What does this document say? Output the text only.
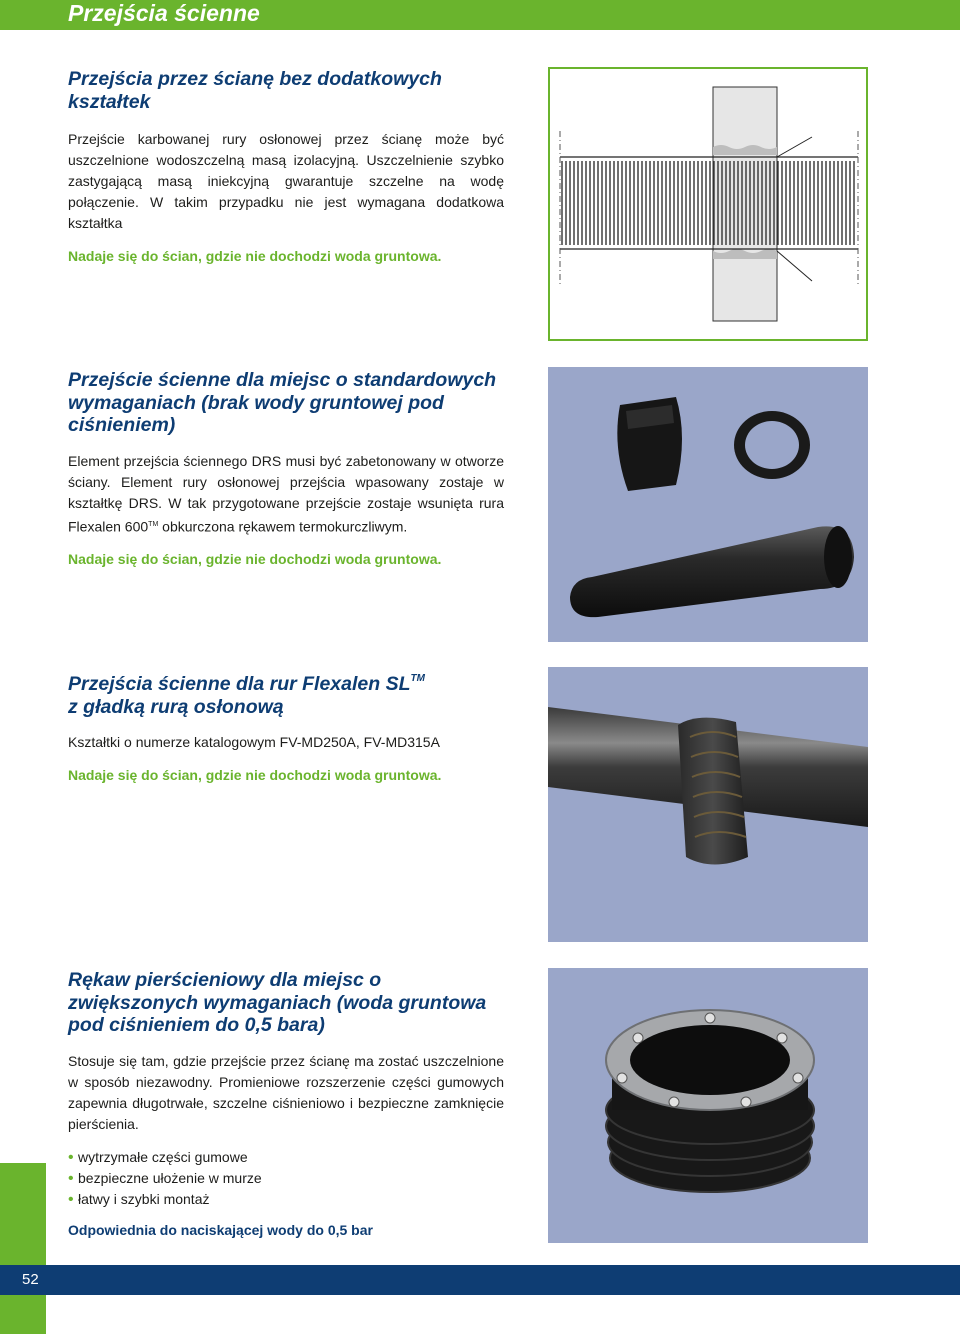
Przejścia ścienne
Przejścia przez ścianę bez dodatkowych kształtek

Przejście karbowanej rury osłonowej przez ścianę może być uszczelnione wodoszczelną masą izolacyjną. Uszczelnienie szybko zastygającą masą iniekcyjną gwarantuje szczelne na wodę połączenie. W takim przypadku nie jest wymagana dodatkowa kształtka

Nadaje się do ścian, gdzie nie dochodzi woda gruntowa.

Przejście ścienne dla miejsc o standardowych wymaganiach (brak wody gruntowej pod ciśnieniem)

Element przejścia ściennego DRS musi być zabetonowany w otworze ściany. Element rury osłonowej przejścia wpasowany zostaje w kształtkę DRS. W tak przygotowane przejście zostaje wsunięta rura Flexalen 600™ obkurczona rękawem termokurczliwym.

Nadaje się do ścian, gdzie nie dochodzi woda gruntowa.

Przejścia ścienne dla rur Flexalen SL™
z gładką rurą osłonową

Kształtki o numerze katalogowym FV-MD250A, FV-MD315A

Nadaje się do ścian, gdzie nie dochodzi woda gruntowa.

Rękaw pierścieniowy dla miejsc o zwiększonych wymaganiach (woda gruntowa pod ciśnieniem do 0,5 bara)

Stosuje się tam, gdzie przejście przez ścianę ma zostać uszczelnione w sposób niezawodny. Promieniowe rozszerzenie części gumowych zapewnia długotrwałe, szczelne ciśnieniowo i bezpieczne zamknięcie pierścienia.

• wytrzymałe części gumowe
• bezpieczne ułożenie w murze
• łatwy i szybki montaż

Odpowiednia do naciskającej wody do 0,5 bar

52
